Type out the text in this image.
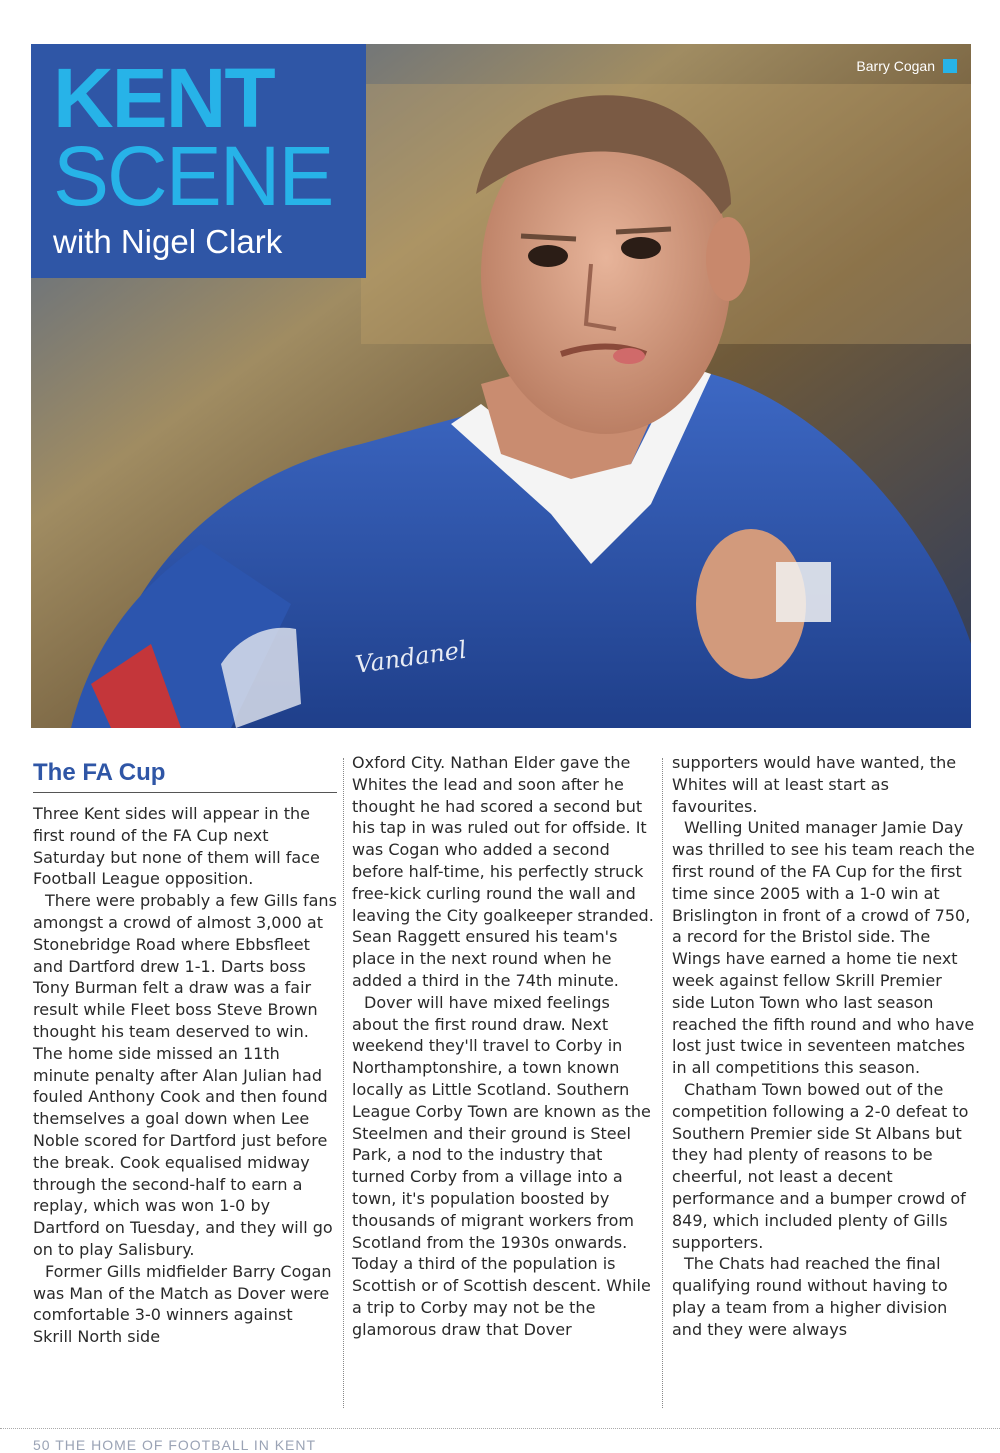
Vandanel
Barry Cogan
KENT
SCENE
with Nigel Clark
The FA Cup

Three Kent sides will appear in the first round of the FA Cup next Saturday but none of them will face Football League opposition.

There were probably a few Gills fans amongst a crowd of almost 3,000 at Stonebridge Road where Ebbsfleet and Dartford drew 1-1. Darts boss Tony Burman felt a draw was a fair result while Fleet boss Steve Brown thought his team deserved to win. The home side missed an 11th minute penalty after Alan Julian had fouled Anthony Cook and then found themselves a goal down when Lee Noble scored for Dartford just before the break. Cook equalised midway through the second-half to earn a replay, which was won 1-0 by Dartford on Tuesday, and they will go on to play Salisbury.

Former Gills midfielder Barry Cogan was Man of the Match as Dover were comfortable 3-0 winners against Skrill North side

Oxford City. Nathan Elder gave the Whites the lead and soon after he thought he had scored a second but his tap in was ruled out for offside. It was Cogan who added a second before half-time, his perfectly struck free-kick curling round the wall and leaving the City goalkeeper stranded. Sean Raggett ensured his team's place in the next round when he added a third in the 74th minute.

Dover will have mixed feelings about the first round draw. Next weekend they'll travel to Corby in Northamptonshire, a town known locally as Little Scotland. Southern League Corby Town are known as the Steelmen and their ground is Steel Park, a nod to the industry that turned Corby from a village into a town, it's population boosted by thousands of migrant workers from Scotland from the 1930s onwards. Today a third of the population is Scottish or of Scottish descent. While a trip to Corby may not be the glamorous draw that Dover

supporters would have wanted, the Whites will at least start as favourites.

Welling United manager Jamie Day was thrilled to see his team reach the first round of the FA Cup for the first time since 2005 with a 1-0 win at Brislington in front of a crowd of 750, a record for the Bristol side. The Wings have earned a home tie next week against fellow Skrill Premier side Luton Town who last season reached the fifth round and who have lost just twice in seventeen matches in all competitions this season.

Chatham Town bowed out of the competition following a 2-0 defeat to Southern Premier side St Albans but they had plenty of reasons to be cheerful, not least a decent performance and a bumper crowd of 849, which included plenty of Gills supporters.

The Chats had reached the final qualifying round without having to play a team from a higher division and they were always

50 THE HOME OF FOOTBALL IN KENT
